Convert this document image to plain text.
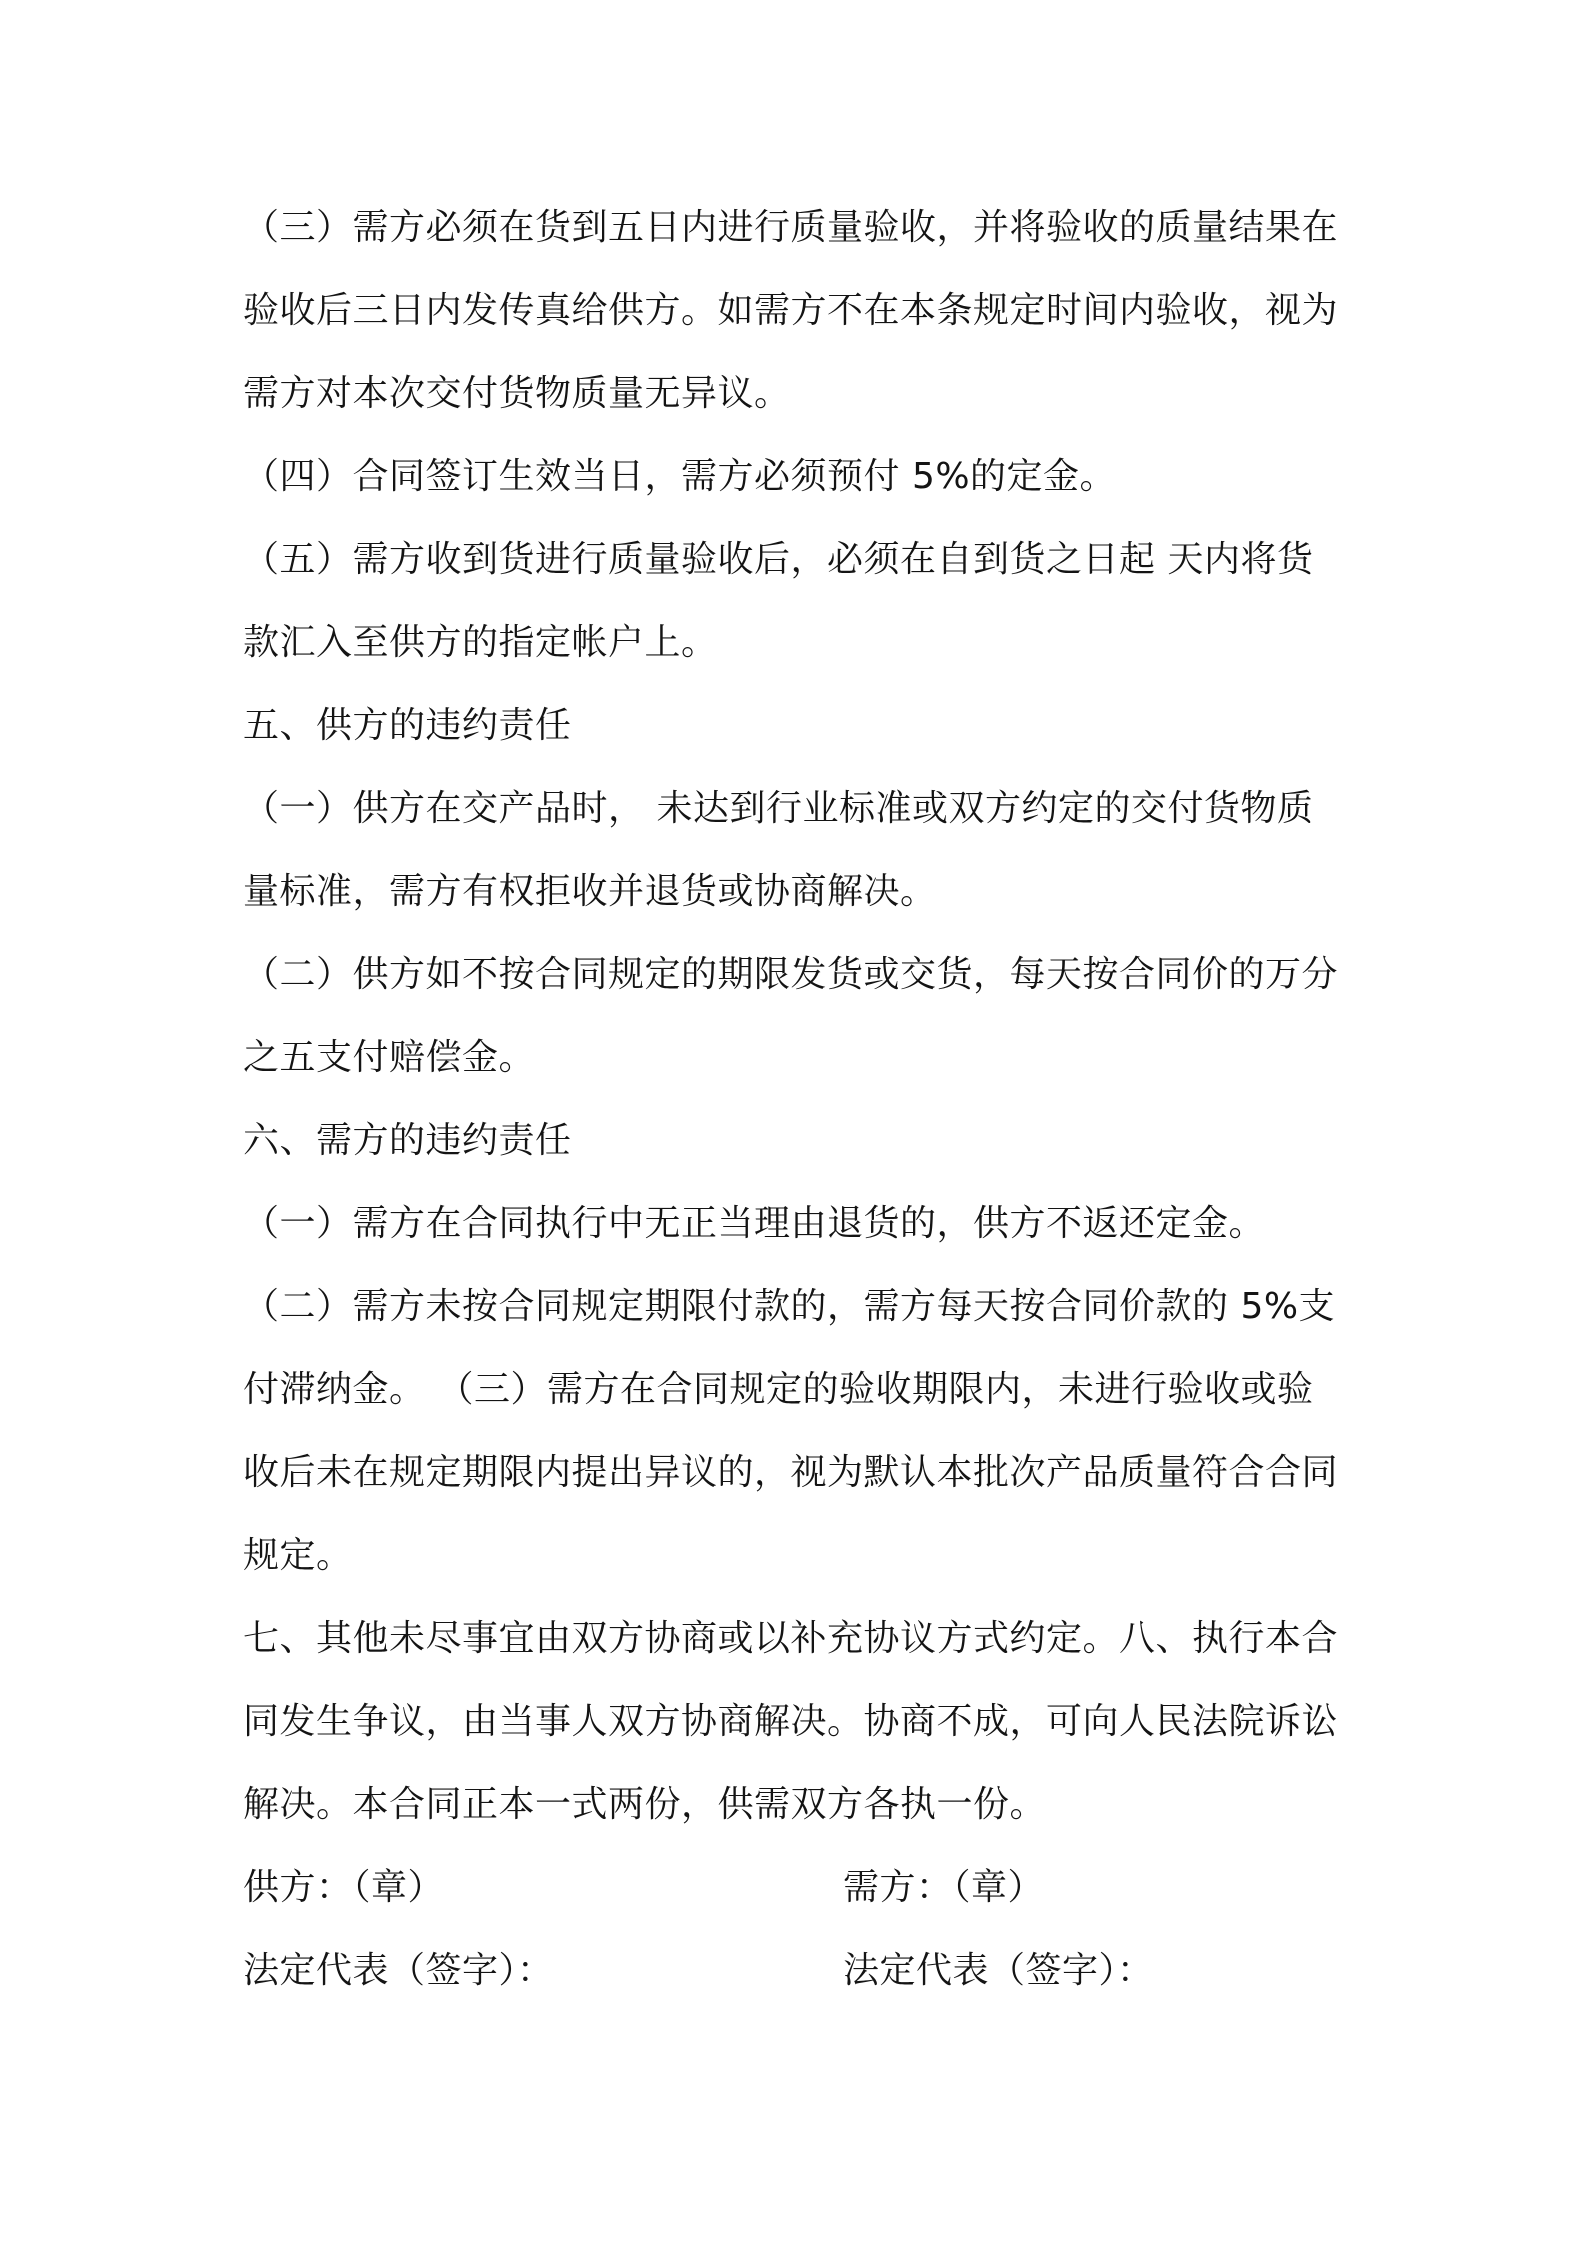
（三）需方必须在货到五日内进行质量验收，并将验收的质量结果在
验收后三日内发传真给供方。如需方不在本条规定时间内验收，视为
需方对本次交付货物质量无异议。
（四）合同签订生效当日，需方必须预付 5%的定金。
（五）需方收到货进行质量验收后，必须在自到货之日起 天内将货
款汇入至供方的指定帐户上。
五、供方的违约责任
（一）供方在交产品时， 未达到行业标准或双方约定的交付货物质
量标准，需方有权拒收并退货或协商解决。
（二）供方如不按合同规定的期限发货或交货，每天按合同价的万分
之五支付赔偿金。
六、需方的违约责任
（一）需方在合同执行中无正当理由退货的，供方不返还定金。
（二）需方未按合同规定期限付款的，需方每天按合同价款的 5%支
付滞纳金。 （三）需方在合同规定的验收期限内，未进行验收或验
收后未在规定期限内提出异议的，视为默认本批次产品质量符合合同
规定。
七、其他未尽事宜由双方协商或以补充协议方式约定。八、执行本合
同发生争议，由当事人双方协商解决。协商不成，可向人民法院诉讼
解决。本合同正本一式两份，供需双方各执一份。
供方：（章）	需方：（章）
法定代表（签字）：	法定代表（签字）：
